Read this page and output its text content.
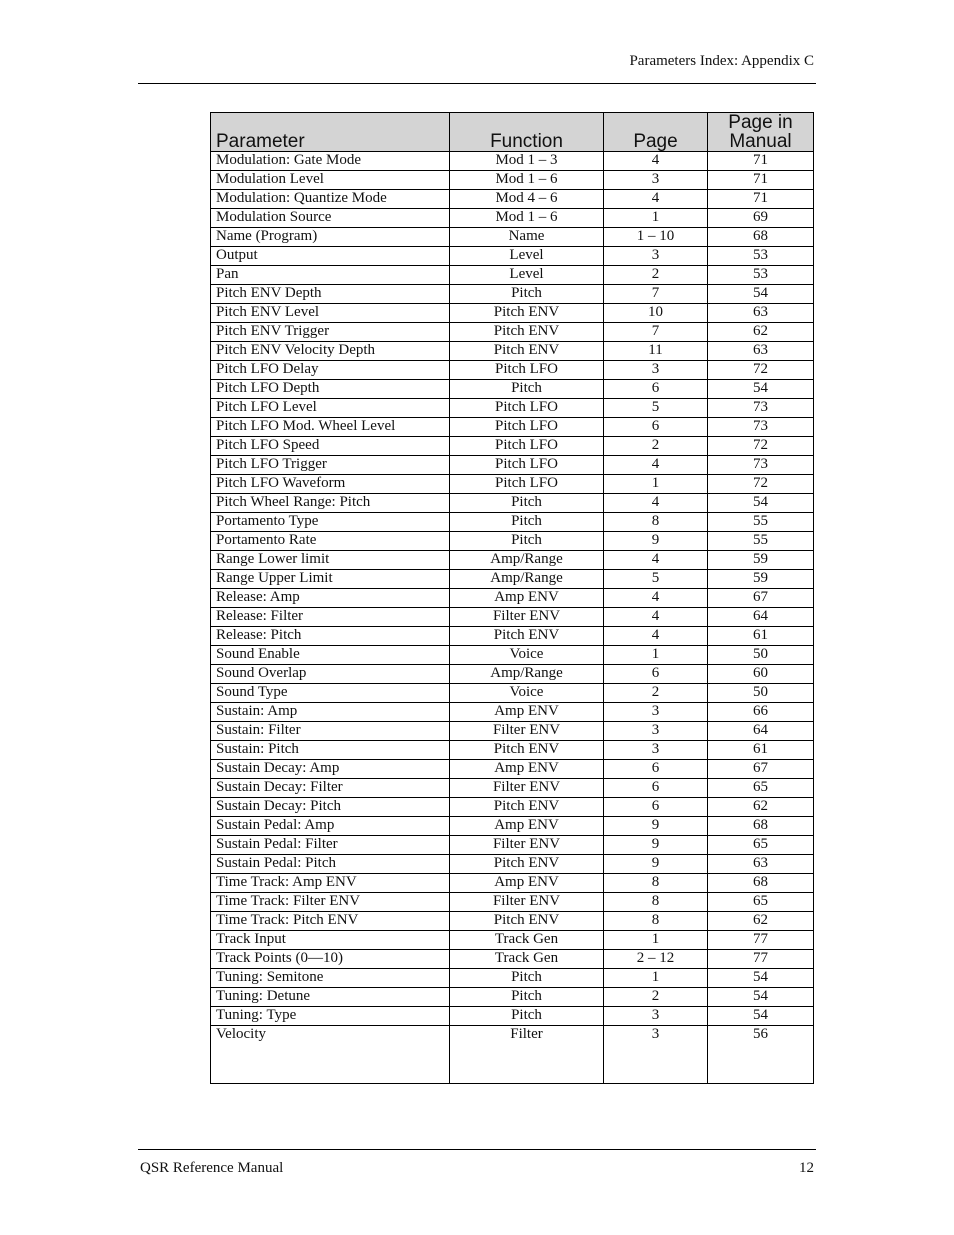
Parameters Index: Appendix C
Parameter	Function	Page	Page in Manual
Modulation: Gate Mode	Mod 1 – 3	4	71
Modulation Level	Mod 1 – 6	3	71
Modulation: Quantize Mode	Mod 4 – 6	4	71
Modulation Source	Mod 1 – 6	1	69
Name (Program)	Name	1 – 10	68
Output	Level	3	53
Pan	Level	2	53
Pitch ENV Depth	Pitch	7	54
Pitch ENV Level	Pitch ENV	10	63
Pitch ENV Trigger	Pitch ENV	7	62
Pitch ENV Velocity Depth	Pitch ENV	11	63
Pitch LFO Delay	Pitch LFO	3	72
Pitch LFO Depth	Pitch	6	54
Pitch LFO Level	Pitch LFO	5	73
Pitch LFO Mod. Wheel Level	Pitch LFO	6	73
Pitch LFO Speed	Pitch LFO	2	72
Pitch LFO Trigger	Pitch LFO	4	73
Pitch LFO Waveform	Pitch LFO	1	72
Pitch Wheel Range: Pitch	Pitch	4	54
Portamento Type	Pitch	8	55
Portamento Rate	Pitch	9	55
Range Lower limit	Amp/Range	4	59
Range Upper Limit	Amp/Range	5	59
Release: Amp	Amp ENV	4	67
Release: Filter	Filter ENV	4	64
Release: Pitch	Pitch ENV	4	61
Sound Enable	Voice	1	50
Sound Overlap	Amp/Range	6	60
Sound Type	Voice	2	50
Sustain: Amp	Amp ENV	3	66
Sustain: Filter	Filter ENV	3	64
Sustain: Pitch	Pitch ENV	3	61
Sustain Decay: Amp	Amp ENV	6	67
Sustain Decay: Filter	Filter ENV	6	65
Sustain Decay: Pitch	Pitch ENV	6	62
Sustain Pedal: Amp	Amp ENV	9	68
Sustain Pedal: Filter	Filter ENV	9	65
Sustain Pedal: Pitch	Pitch ENV	9	63
Time Track: Amp ENV	Amp ENV	8	68
Time Track: Filter ENV	Filter ENV	8	65
Time Track: Pitch ENV	Pitch ENV	8	62
Track Input	Track Gen	1	77
Track Points (0—10)	Track Gen	2 – 12	77
Tuning: Semitone	Pitch	1	54
Tuning: Detune	Pitch	2	54
Tuning: Type	Pitch	3	54
Velocity	Filter	3	56
QSR Reference Manual	12
